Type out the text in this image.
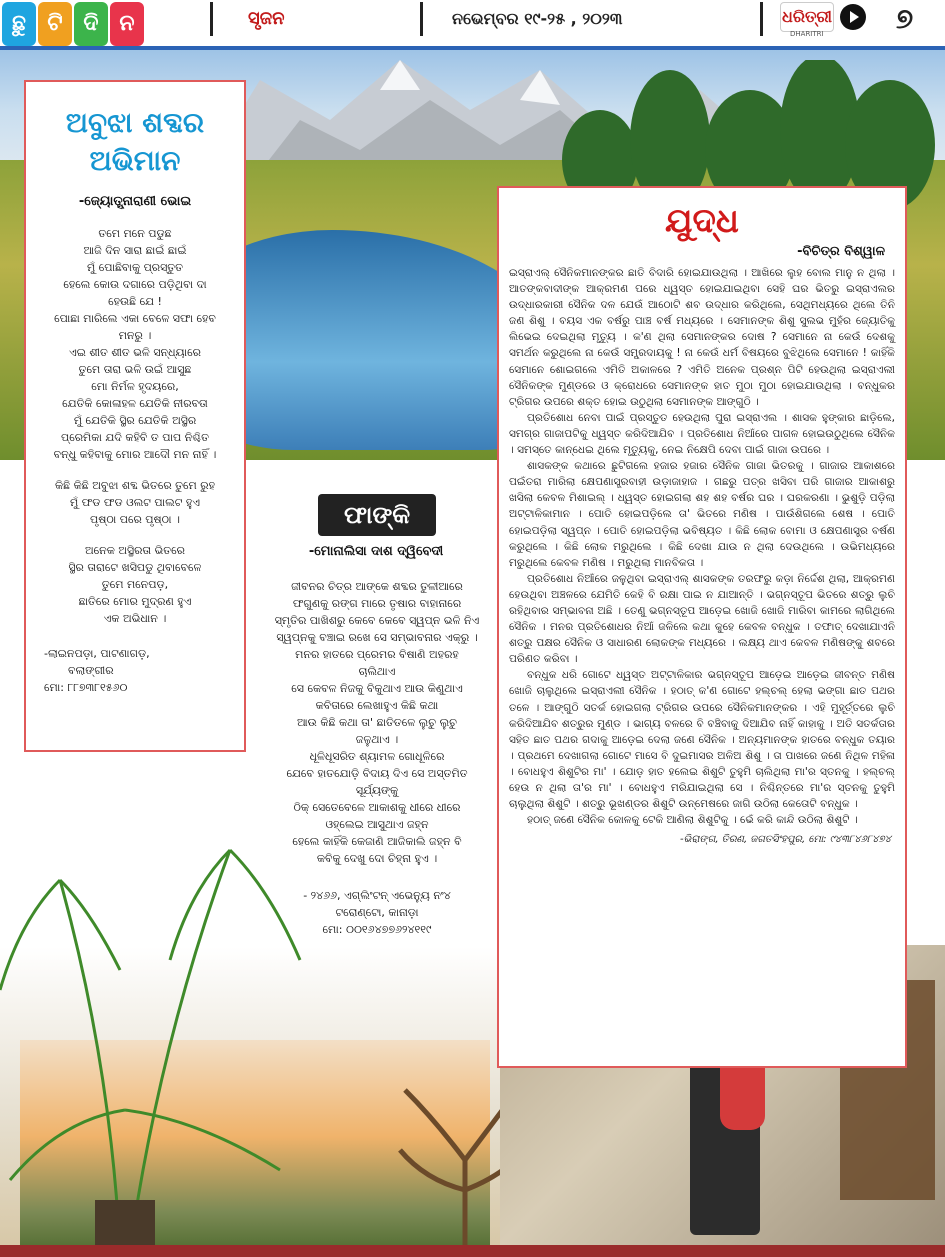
ଛୁ ଟି ଦି ନ	ସୃଜନ	ନଭେମ୍ବର ୧୯-୨୫ , ୨୦୨୩	ଧରିତ୍ରୀ
DHARITRI	୭
ଅବୁଝା ଶବ୍ଦର
ଅଭିମାନ
-ଜ୍ୟୋତ୍ସ୍ନାରାଣୀ ଭୋଇ

ତମେ ମନେ ପଡୁଛ

ଆଜି ଦିନ ସାରା ଛାଇଁ ଛାଇଁ

ମୁଁ ପୋଛିବାକୁ ପ୍ରସ୍ତୁତ

ହେଲେ କୋଉ ଦଗାରେ ପଡ଼ିଥିବା ଦା

ହେଉଛି ଯେ !

ପୋଛା ମାରିଲେ ଏକା ବେଳେ ସଫା ହେବ

ମନରୁ ।

ଏଇ ଶୀତ ଶୀତ ଭଳି ସନ୍ଧ୍ୟାରେ

ତୁମେ ତାରା ଭଳି ଉଇଁ ଆସୁଛ

ମୋ ନିର୍ମଳ ହୃଦୟରେ,

ଯେତିକି କୋଳାହଳ ଯେତିକି ନୀରବତା

ମୁଁ ଯେତିକି ସ୍ଥିର ଯେତିକି ଅସ୍ଥିର

ପ୍ରେମିକା ଯଦି କହିବି ତ ପାପ ନିଶ୍ଚିତ

ବନ୍ଧୁ କହିବାକୁ ମୋର ଆଦୌ ମନ ନାହିଁ ।

କିଛି କିଛି ଅବୁଝା ଶବ୍ଦ ଭିତରେ ତୁମେ ରୁହ

ମୁଁ ଫଡ ଫଡ ଓଲଟ ପାଲଟ ହୁଏ

ପୃଷ୍ଠା ପରେ ପୃଷ୍ଠା ।

ଅନେକ ଅସ୍ଥିରତା ଭିତରେ

ସ୍ଥିର ତାରାଟେ ଖସିପଡୁ ଥିବାବେଳେ

ତୁମେ ମନେପଡ଼,

ଛାତିରେ ମୋର ମୁଦ୍ରଣ ହୁଏ

ଏକ ଅଭିଧାନ ।

-ଲାଇନପଡ଼ା, ପାଟଣାଗଡ଼,

ବଲାଙ୍ଗୀର

ମୋ: ୮୮୭୩୮୧୫୬୦

ଫାଙ୍କି
-ମୋନାଲିସା ଦାଶ ଦ୍ୱିବେଦୀ

ଜୀବନର ଚିତ୍ର ଆଙ୍କେ ଶବ୍ଦର ତୁଳୀଆରେ

ଫଗୁଣକୁ ରଙ୍ଗ ମାରେ ତୃଷାର ବାହାନାରେ

ସ୍ମୃତିର ପାଖିଶରୁ କେବେ କେବେ ସ୍ୱପ୍ନ ଭଳି ନିଏ

ସ୍ୱପ୍ନକୁ ବଞ୍ଚାଇ ରଖେ ସେ ସମ୍ଭାବନାର ଏକ୍ରୁ ।

ମନର ହାତରେ ପ୍ରେମର ବିଷାଣି ଅହରହ

ଚାଲିଥାଏ

ସେ କେବଳ ନିଜକୁ ବିକୁଥାଏ ଆଉ କିଣୁଥାଏ

କବିତାରେ ଲେଖାହୁଏ କିଛି କଥା

ଆଉ କିଛି କଥା ତା' ଛାତିତଳେ ଲୁଚୁ ଲୁଚୁ

ଜଳୁଥାଏ ।

ଧୂଳିଧୂସରିତ ଶ୍ୟାମଳ ଗୋଧୂଳିରେ

ଯେବେ ହାତଯୋଡ଼ି ବିଦାୟ ଦିଏ ସେ ଅସ୍ତମିତ

ସୂର୍ଯ୍ୟଙ୍କୁ

ଠିକ୍ ସେତେବେଳେ ଆକାଶକୁ ଧୀରେ ଧୀରେ

ଓହ୍ଲେଇ ଆସୁଥାଏ ଜହ୍ନ

ହେଲେ କାହିଁକି କେଜାଣି ଆଜିକାଲି ଜହ୍ନ ବି

କବିକୁ ଦେଖୁ ଦୋ ଚିହ୍ନା ହୁଏ ।

- ୨୪୬୬, ଏଗ୍ଲିଂଟନ୍ ଏଭେନ୍ୟୁ ନଂ୪

ଟରୋଣ୍ଟୋ, କାନାଡ଼ା

ମୋ: ୦୦୧୬୪୭୭୬୨୪୧୧୯

ଯୁଦ୍ଧ
-ବିଚିତ୍ର ବିଶ୍ୱାଳ

ଇସ୍ରାଏଲ୍ ସୈନିକମାନଙ୍କର ଛାତି ବିଦାରି ହୋଇଯାଉଥିଲା । ଆଖିରେ ଲୁହ ବୋଲ ମାନୁ ନ ଥିଲା । ଆତଙ୍କବାଦୀଙ୍କ ଆକ୍ରମଣ ପରେ ଧ୍ୱସ୍ତ ହୋଇଯାଇଥିବା ସେହି ଘର ଭିତରୁ ଇସ୍ରାଏଲର ଉଦ୍ଧାରକାରୀ ସୈନିକ ଦଳ ଯେଉଁ ଆଠୋଟି ଶବ ଉଦ୍ଧାର କରିଥିଲେ, ସେଥିମଧ୍ୟରେ ଥିଲେ ତିନି ଜଣ ଶିଶୁ । ବୟସ ଏକ ବର୍ଷରୁ ପାଞ୍ଚ ବର୍ଷ ମଧ୍ୟରେ । ସେମାନଙ୍କ ଶିଶୁ ସୁଲଭ ମୁହଁର ଜ୍ୟୋତିକୁ ଲିଭେଇ ଦେଇଥିଲା ମୃତ୍ୟୁ । କ'ଣ ଥିଲା ସେମାନଙ୍କର ଦୋଷ ? ସେମାନେ ନା କେଉଁ ଦେଶକୁ ସମର୍ଥନ କରୁଥିଲେ ନା କେଉଁ ସମ୍ପ୍ରଦାୟକୁ ! ନା କେଉଁ ଧର୍ମ ବିଷୟରେ ବୁଝିଥିଲେ ସେମାନେ ! କାହିଁକି ସେମାନେ ଶୋଇଗଲେ ଏମିତି ଅକାଳରେ ? ଏମିତି ଅନେକ ପ୍ରଶ୍ନ ପିଟି ହେଉଥିଲା ଇସ୍ରାଏଲୀ ସୈନିକଙ୍କ ମୁଣ୍ଡରେ ଓ କ୍ରୋଧରେ ସେମାନଙ୍କ ହାତ ମୁଠା ମୁଠା ହୋଇଯାଉଥିଲା । ବନ୍ଧୁକର ଟ୍ରିଗର ଉପରେ ଶକ୍ତ ହୋଇ ଉଠୁଥିଲା ସେମାନଙ୍କ ଆଙ୍ଗୁଠି ।

ପ୍ରତିଶୋଧ ନେବା ପାଇଁ ପ୍ରସ୍ତୁତ ହେଉଥିଲା ପୁରା ଇସ୍ରାଏଲ । ଶାସକ ହୁଙ୍କାର ଛାଡ଼ିଲେ, ସମଗ୍ର ଗାଜାପଟିକୁ ଧ୍ୱସ୍ତ କରିଦିଆଯିବ । ପ୍ରତିଶୋଧ ନିଆଁରେ ପାଗଳ ହୋଇଉଠୁଥିଲେ ସୈନିକ । ସମସ୍ତେ କାନ୍ଧେଇ ଥିଲେ ମୃତ୍ୟୁକୁ, ନେଇ ନିକ୍ଷେପି ଦେବା ପାଇଁ ଗାଜା ଉପରେ ।

ଶାସକଙ୍କ କଥାରେ ଛୁଟିଗଲେ ହଜାର ହଜାର ସୈନିକ ଗାଜା ଭିତରକୁ । ଗାଜାର ଆକାଶରେ ପଇଁତରା ମାରିଲା କ୍ଷେପଣାସ୍ତ୍ରବାହୀ ଉଡ଼ାଜାହାଜ । ଗଛରୁ ପତ୍ର ଖସିବା ପରି ଗାଜାର ଆକାଶରୁ ଖସିଲା କେବଳ ମିଶାଇଲ୍ । ଧ୍ୱସ୍ତ ହୋଇଗଲା ଶହ ଶହ ବର୍ଷର ଘର । ଘରକରଣା । ଭୁଶୁଡ଼ି ପଡ଼ିଲା ଅଟ୍ଟାଳିକାମାନ । ପୋତି ହୋଇପଡ଼ିଲେ ତା' ଭିତରେ ମଣିଷ । ପାଉଁଶିଗଲେ ଶେଷ । ପୋତି ହୋଇପଡ଼ିଲା ସ୍ୱପ୍ନ । ପୋତି ହୋଇପଡ଼ିଲା ଭବିଷ୍ୟତ । କିଛି ଲୋକ ବୋମା ଓ କ୍ଷେପଣାସ୍ତ୍ର ବର୍ଷଣ କରୁଥିଲେ । କିଛି ଲୋକ ମରୁଥିଲେ । କିଛି ଦେଖା ଯାଉ ନ ଥିଲା ଦେଉଥିଲେ । ଉଭିମଧ୍ୟରେ ମରୁଥିଲେ କେବଳ ମଣିଷ । ମରୁଥିଲା ମାନବିକତା ।

ପ୍ରତିଶୋଧ ନିଆଁରେ ଜଳୁଥିବା ଇସ୍ରାଏଲ୍ ଶାସକଙ୍କ ତରଫରୁ କଡ଼ା ନିର୍ଦ୍ଦେଶ ଥିଲା, ଆକ୍ରମଣ ହେଉଥିବା ଅଞ୍ଚଳରେ ଯେମିତି କେହି ବି ରକ୍ଷା ପାଇ ନ ଯାଆନ୍ତି । ଭଗ୍ନସ୍ତୂପ ଭିତରେ ଶତ୍ରୁ ଲୁଚି ରହିଥିବାର ସମ୍ଭାବନା ଅଛି । ତେଣୁ ଭଗ୍ନସ୍ତୂପ ଆଡ଼େଇ ଖୋଜି ଖୋଜି ମାରିବା କାମରେ ଲାଗିଥିଲେ ସୈନିକ । ମନର ପ୍ରତିଶୋଧର ନିଆଁ ଜଳିଲେ କଥା କୁହେ କେବଳ ବନ୍ଧୁକ । ତଫାତ୍ ଦେଖାଯାଏନି ଶତ୍ରୁ ପକ୍ଷର ସୈନିକ ଓ ସାଧାରଣ ଲୋକଙ୍କ ମଧ୍ୟରେ । ଲକ୍ଷ୍ୟ ଥାଏ କେବଳ ମଣିଷଙ୍କୁ ଶବରେ ପରିଣତ କରିବା ।

ବନ୍ଧୁକ ଧରି ଗୋଟେ ଧ୍ୱସ୍ତ ଅଟ୍ଟାଳିକାର ଭଗ୍ନସ୍ତୂପ ଆଡ଼େଇ ଆଡ଼େଇ ଜୀବନ୍ତ ମଣିଷ ଖୋଜି ଚାଲୁଥିଲେ ଇସ୍ରାଏଲୀ ସୈନିକ । ହଠାତ୍ କ'ଣ ଗୋଟେ ହଲ୍‌ଚଲ୍ ହେଲା ଭଙ୍ଗା ଛାତ ପଥର ତଳେ । ଆଙ୍ଗୁଠି ସତର୍କ ହୋଇଗଲା ଟ୍ରିଗର ଉପରେ ସୈନିକମାନଙ୍କର । ଏହି ମୁହୂର୍ତ୍ତରେ ଲୁଚି କରିଦିଆଯିବ ଶତ୍ରୁର ମୁଣ୍ଡ । ଭାଗ୍ୟ ବଳରେ ବି ବଞ୍ଚିବାକୁ ଦିଆଯିବ ନାହିଁ କାହାକୁ । ଅତି ସତର୍କତାର ସହିତ ଛାତ ପଥର ଗଦାକୁ ଆଡ଼େଇ ଦେଲା ଜଣେ ସୈନିକ । ଅନ୍ୟମାନଙ୍କ ହାତରେ ବନ୍ଧୁକ ତୟାର । ପ୍ରଥମେ ଦେଖାଗଲା ଗୋଟେ ମାସେ ବି ଦୁଇମାସର ଅଳିଅ ଶିଶୁ । ତା ପାଖରେ ଜଣେ ନିଥିଳ ମହିଳା । ବୋଧହୁଏ ଶିଶୁଟିର ମା' । ଯୋଡ଼ ହାତ ହଲେଇ ଶିଶୁଟି ତୁହୁମି ଚାଲିଥିଲା ମା'ର ସ୍ତନକୁ । ହଲ୍‌ଚଲ୍ ହେଉ ନ ଥିଲା ତା'ର ମା' । ବୋଧହୁଏ ମରିଯାଇଥିଲା ସେ । ନିଶ୍ଚିନ୍ତରେ ମା'ର ସ୍ତନକୁ ତୁହୁମି ଚାଲୁଥିଲା ଶିଶୁଟି । ଶତ୍ରୁ ଭୂଖଣ୍ଡର ଶିଶୁଟି ଉନ୍ମେଷରେ ଜାଗି ଉଠିଲା କେତୋଟି ବନ୍ଧୁକ ।

ହଠାତ୍ ଜଣେ ସୈନିକ କୋଳକୁ ଟେକି ଆଣିଲା ଶିଶୁଟିକୁ । ଭେଁ କରି କାନ୍ଦି ଉଠିଲା ଶିଶୁଟି ।

-ଭିରାଙ୍ଗ, ତିରଣ, ଜଗତସିଂହପୁର, ମୋ: ୯୪୩୮୪୬୮୪୭୪
